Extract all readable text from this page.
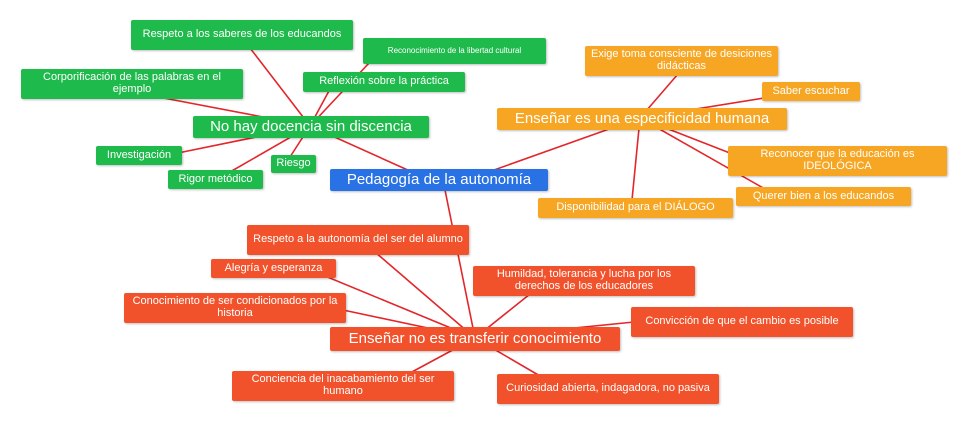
Pedagogía de la autonomía
No hay docencia sin discencia
Respeto a los saberes de los educandos
Reconocimiento de la libertad cultural
Corporificación de las palabras en el ejemplo
Reflexión sobre la práctica
Investigación
Riesgo
Rigor metódico
Enseñar es una especificidad humana
Exige toma consciente de desiciones didácticas
Saber escuchar
Reconocer que la educación es IDEOLÓGICA
Querer bien a los educandos
Disponibilidad para el DIÁLOGO
Enseñar no es transferir conocimiento
Respeto a la autonomía del ser del alumno
Alegría y esperanza
Conocimiento de ser condicionados por la historia
Humildad, tolerancia y lucha por los derechos de los educadores
Convicción de que el cambio es posible
Conciencia del inacabamiento del ser humano	Curiosidad abierta, indagadora, no pasiva
